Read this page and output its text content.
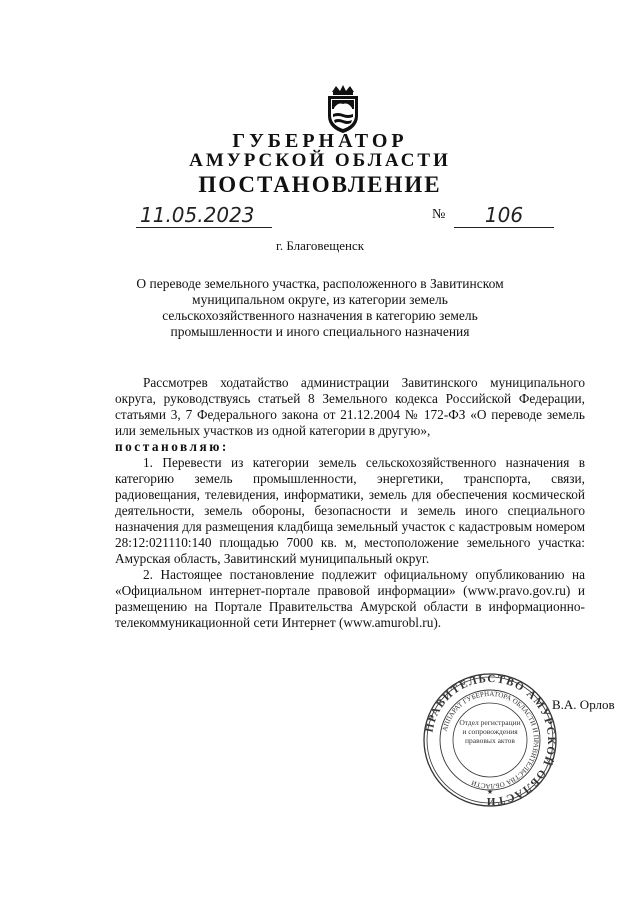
ГУБЕРНАТОР
АМУРСКОЙ ОБЛАСТИ
ПОСТАНОВЛЕНИЕ
11.05.2023	№	106
г. Благовещенск
О переводе земельного участка, расположенного в Завитинском муниципальном округе, из категории земель сельскохозяйственного назначения в категорию земель промышленности и иного специального назначения

Рассмотрев ходатайство администрации Завитинского муниципального округа, руководствуясь статьей 8 Земельного кодекса Российской Федерации, статьями 3, 7 Федерального закона от 21.12.2004 № 172-ФЗ «О переводе земель или земельных участков из одной категории в другую»,

постановляю:

1. Перевести из категории земель сельскохозяйственного назначения в категорию земель промышленности, энергетики, транспорта, связи, радиовещания, телевидения, информатики, земель для обеспечения космической деятельности, земель обороны, безопасности и земель иного специального назначения для размещения кладбища земельный участок с кадастровым номером 28:12:021110:140 площадью 7000 кв. м, местоположение земельного участка: Амурская область, Завитинский муниципальный округ.

2. Настоящее постановление подлежит официальному опубликованию на «Официальном интернет-портале правовой информации» (www.pravo.gov.ru) и размещению на Портале Правительства Амурской области в информационно-телекоммуникационной сети Интернет (www.amurobl.ru).

ПРАВИТЕЛЬСТВО АМУРСКОЙ ОБЛАСТИ
АППАРАТ ГУБЕРНАТОРА ОБЛАСТИ И ПРАВИТЕЛЬСТВА ОБЛАСТИ
Отдел регистрации и сопровождения правовых актов
★
В.А. Орлов
